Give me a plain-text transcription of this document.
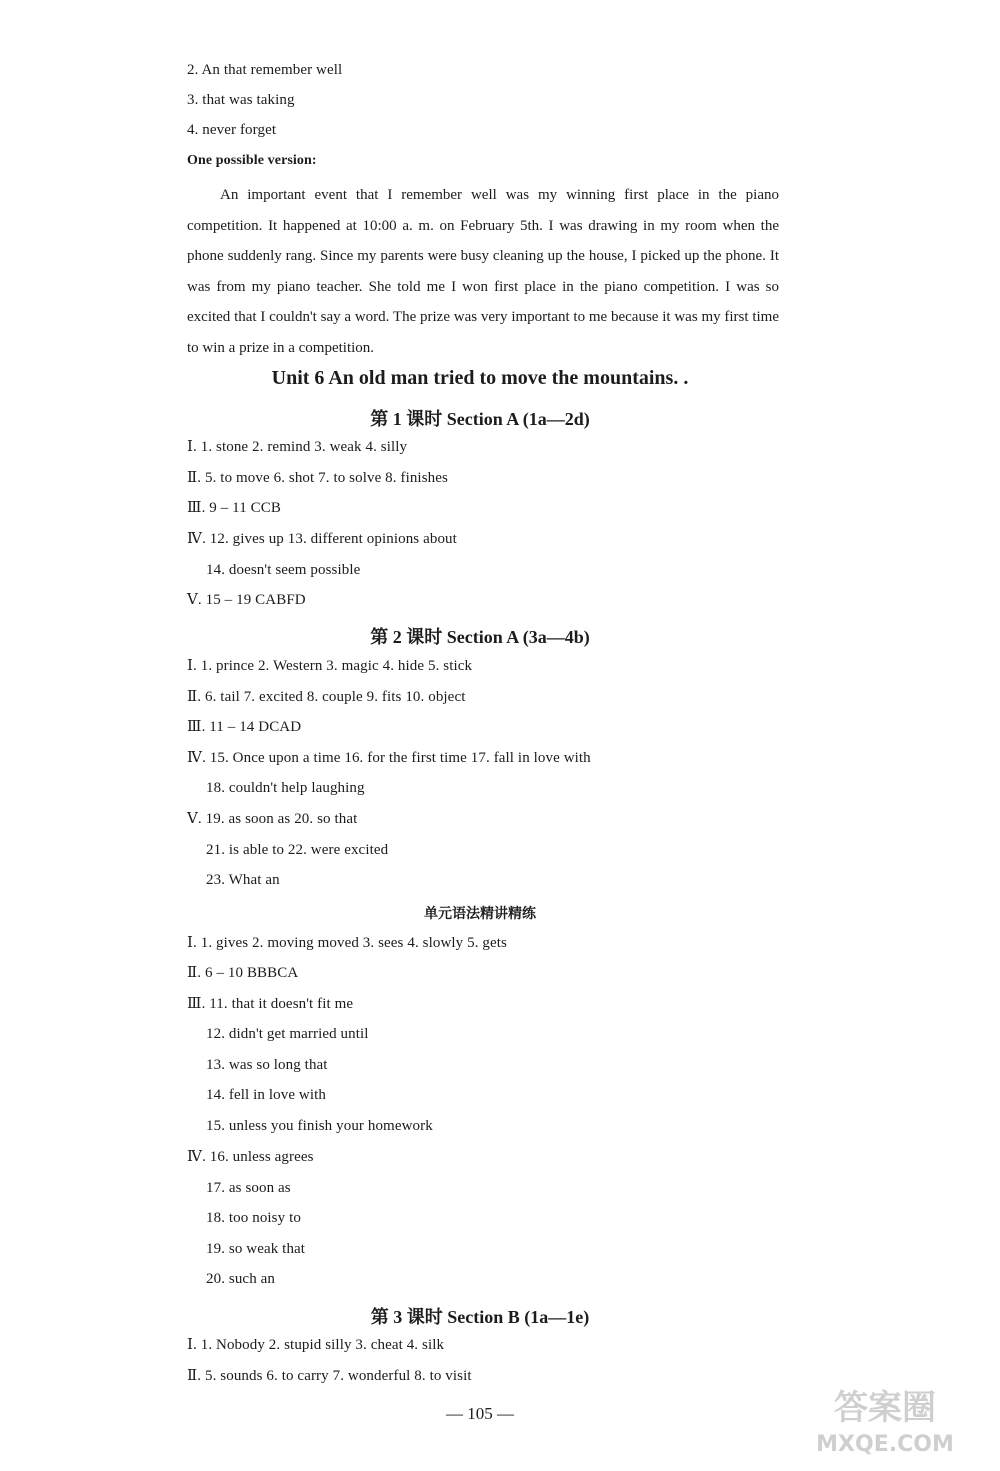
2. An that remember well
3. that was taking
4. never forget
One possible version:
An important event that I remember well was my winning first place in the piano competition. It happened at 10:00 a. m. on February 5th. I was drawing in my room when the phone suddenly rang. Since my parents were busy cleaning up the house, I picked up the phone. It was from my piano teacher. She told me I won first place in the piano competition. I was so excited that I couldn't say a word. The prize was very important to me because it was my first time to win a prize in a competition.
Unit 6 An old man tried to move the mountains. .
第 1 课时 Section A (1a—2d)
Ⅰ. 1. stone 2. remind 3. weak 4. silly
Ⅱ. 5. to move 6. shot 7. to solve 8. finishes
Ⅲ. 9 – 11 CCB
Ⅳ. 12. gives up 13. different opinions about
14. doesn't seem possible
Ⅴ. 15 – 19 CABFD
第 2 课时 Section A (3a—4b)
Ⅰ. 1. prince 2. Western 3. magic 4. hide 5. stick
Ⅱ. 6. tail 7. excited 8. couple 9. fits 10. object
Ⅲ. 11 – 14 DCAD
Ⅳ. 15. Once upon a time 16. for the first time 17. fall in love with
18. couldn't help laughing
Ⅴ. 19. as soon as 20. so that
21. is able to 22. were excited
23. What an
单元语法精讲精练
Ⅰ. 1. gives 2. moving moved 3. sees 4. slowly 5. gets
Ⅱ. 6 – 10 BBBCA
Ⅲ. 11. that it doesn't fit me
12. didn't get married until
13. was so long that
14. fell in love with
15. unless you finish your homework
Ⅳ. 16. unless agrees
17. as soon as
18. too noisy to
19. so weak that
20. such an
第 3 课时 Section B (1a—1e)
Ⅰ. 1. Nobody 2. stupid silly 3. cheat 4. silk
Ⅱ. 5. sounds 6. to carry 7. wonderful 8. to visit
— 105 —	答案圈
MXQE.COM
